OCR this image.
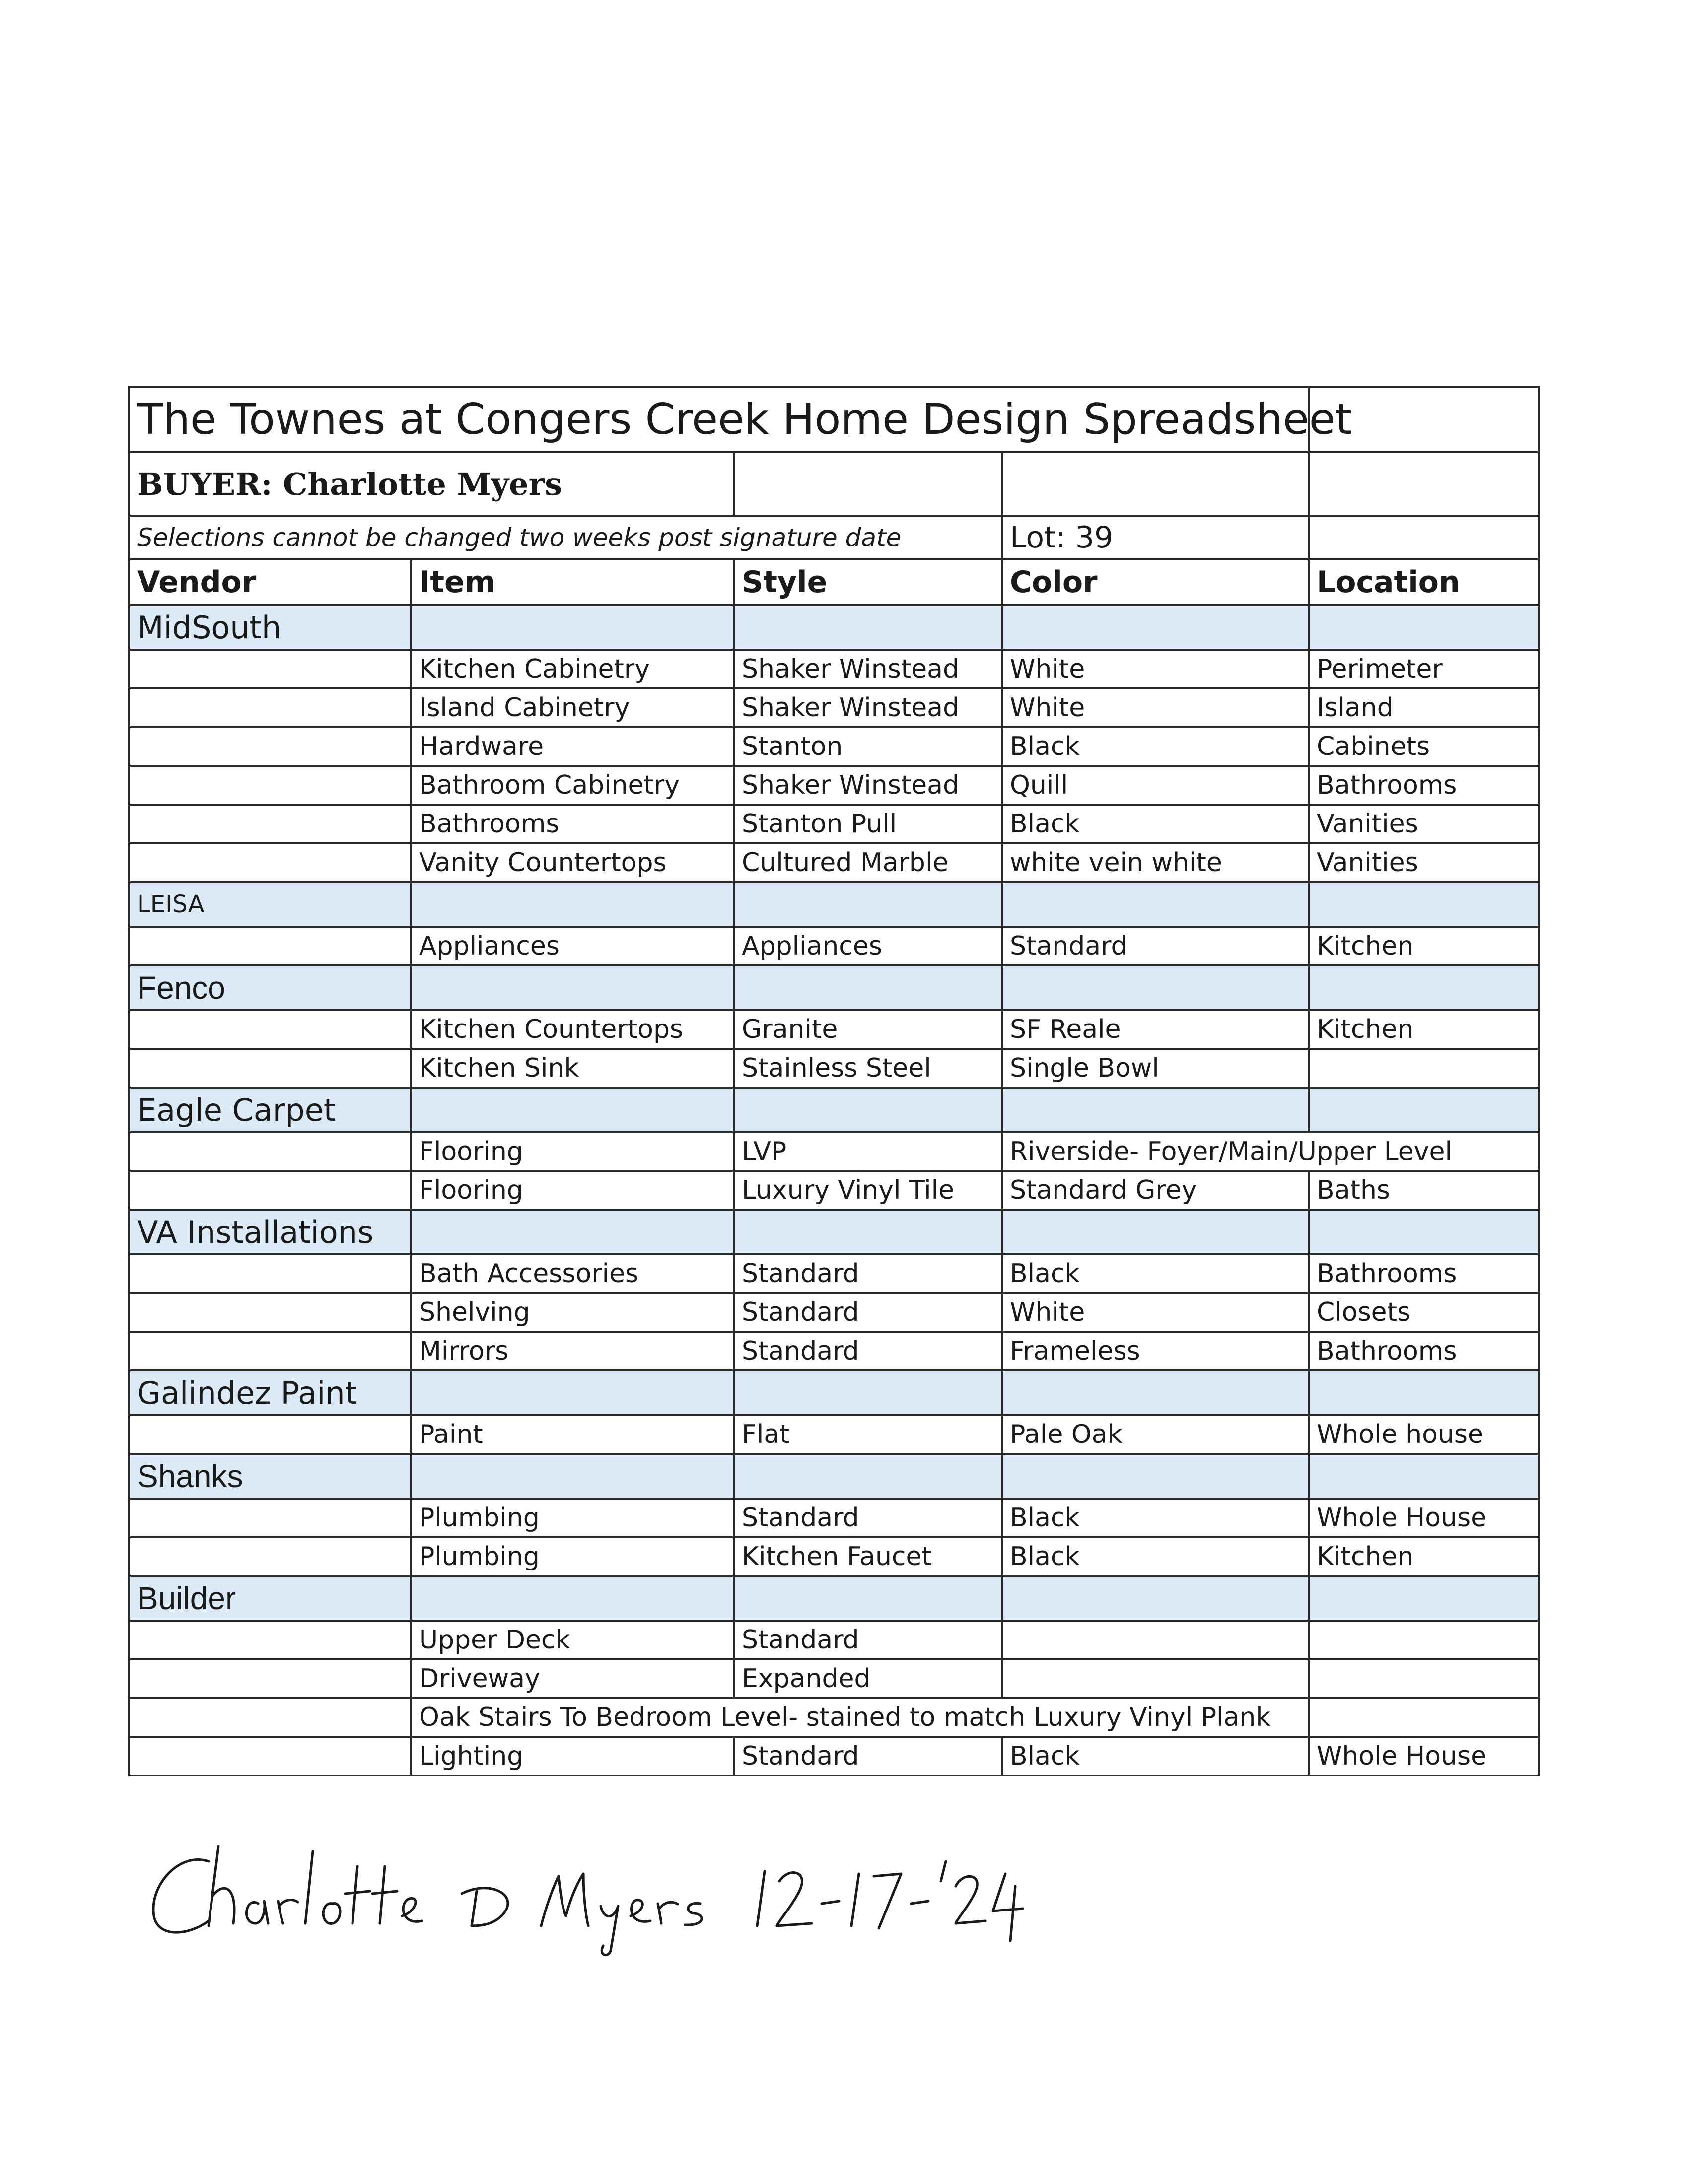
The Townes at Congers Creek Home Design Spreadsheet				
BUYER: Charlotte Myers				
Selections cannot be changed two weeks post signature date			Lot: 39	
Vendor	Item	Style	Color	Location
MidSouth				
	Kitchen Cabinetry	Shaker Winstead	White	Perimeter
	Island Cabinetry	Shaker Winstead	White	Island
	Hardware	Stanton	Black	Cabinets
	Bathroom Cabinetry	Shaker Winstead	Quill	Bathrooms
	Bathrooms	Stanton Pull	Black	Vanities
	Vanity Countertops	Cultured Marble	white vein white	Vanities
LEISA				
	Appliances	Appliances	Standard	Kitchen
Fenco				
	Kitchen Countertops	Granite	SF Reale	Kitchen
	Kitchen Sink	Stainless Steel	Single Bowl	
Eagle Carpet				
	Flooring	LVP	Riverside- Foyer/Main/Upper Level	
	Flooring	Luxury Vinyl Tile	Standard Grey	Baths
VA Installations				
	Bath Accessories	Standard	Black	Bathrooms
	Shelving	Standard	White	Closets
	Mirrors	Standard	Frameless	Bathrooms
Galindez Paint				
	Paint	Flat	Pale Oak	Whole house
Shanks				
	Plumbing	Standard	Black	Whole House
	Plumbing	Kitchen Faucet	Black	Kitchen
Builder				
	Upper Deck	Standard		
	Driveway	Expanded		
	Oak Stairs To Bedroom Level- stained to match Luxury Vinyl Plank			
	Lighting	Standard	Black	Whole House
